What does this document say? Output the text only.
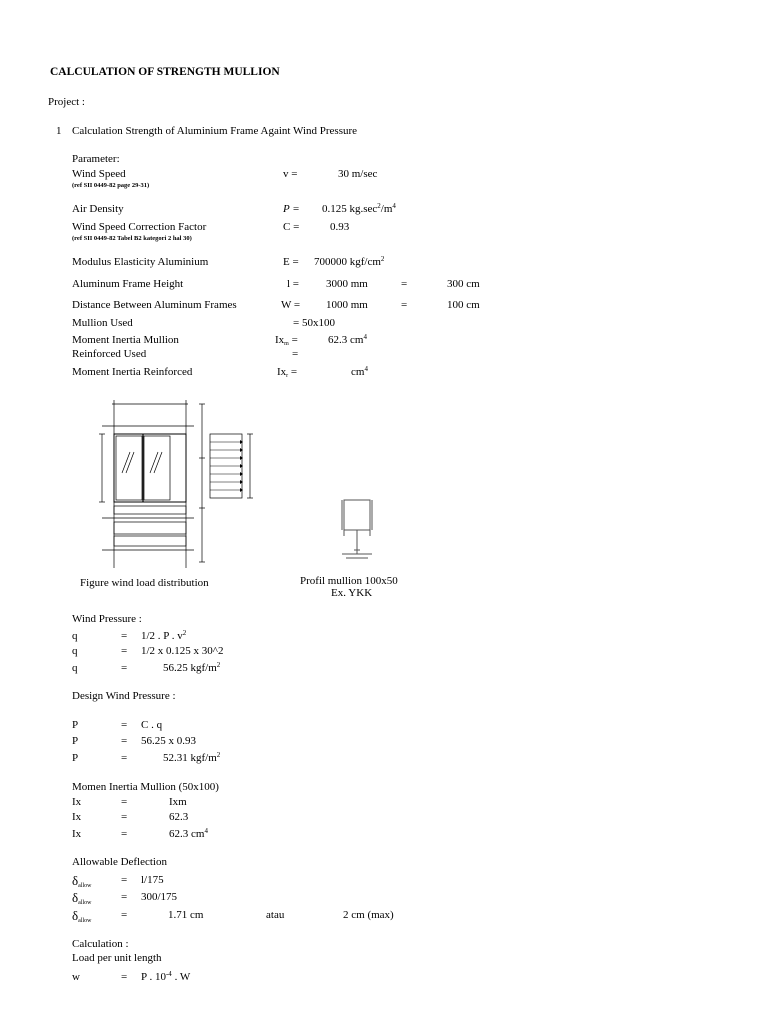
CALCULATION OF STRENGTH MULLION
Project :
1 Calculation Strength of Aluminium Frame Againt Wind Pressure
Parameter:
Wind Speed	v =	30 m/sec
(ref SII 0449-82 page 29-31)
Air Density	P = 0.125 $kg.\sec^2/m^4$
Wind Speed Correction Factor	C =	0.93
(ref SII 0449-82 Tabel B2 kategori 2 hal 30)
Modulus Elasticity Aluminium	E = 700000 kgf/$cm^2$
Aluminum Frame Height	l = 3000 mm	=	300 cm
Distance Between Aluminum Frames	W = 1000 mm	=	100 cm
Mullion Used	= 50x100
Moment Inertia Mullion	$Ix_m$ =	62.3 $cm^4$
Reinforced Used	=
Moment Inertia Reinforced	$Ix_r$ =	$cm^4$
Figure wind load distribution	Profil mullion 100x50
Ex. YKK
Wind Pressure :
q	= 1/2 . P . $v^2$
q	= 1/2 x 0.125 x 30^2
q	=	56.25 kgf/$m^2$
Design Wind Pressure :
P	= C . q
P	= 56.25 x 0.93
P	=	52.31 kgf/$m^2$
Momen Inertia Mullion (50x100)
Ix	=	Ixm
Ix	=	62.3
Ix	=	62.3 $cm^4$
Allowable Deflection
$\delta_{allow}$	= l/175
$\delta_{allow}$	= 300/175
$\delta_{allow}$	=	1.71 cm	atau	2 cm (max)
Calculation :
Load per unit length
w	= P . $10^{-4}$ . W
